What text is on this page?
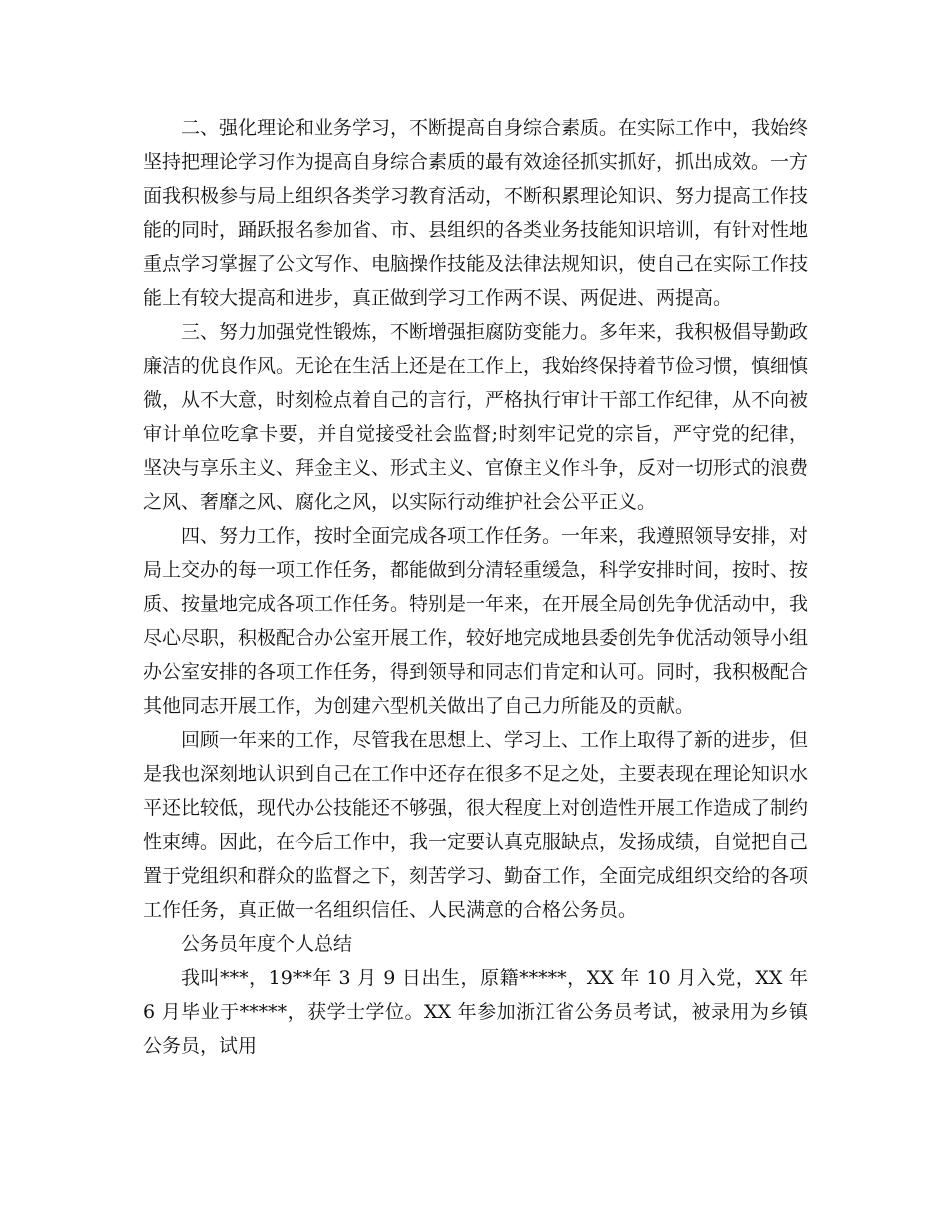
二、强化理论和业务学习，不断提高自身综合素质。在实际工作中，我始终坚持把理论学习作为提高自身综合素质的最有效途径抓实抓好，抓出成效。一方面我积极参与局上组织各类学习教育活动，不断积累理论知识、努力提高工作技能的同时，踊跃报名参加省、市、县组织的各类业务技能知识培训，有针对性地重点学习掌握了公文写作、电脑操作技能及法律法规知识，使自己在实际工作技能上有较大提高和进步，真正做到学习工作两不误、两促进、两提高。

三、努力加强党性锻炼，不断增强拒腐防变能力。多年来，我积极倡导勤政廉洁的优良作风。无论在生活上还是在工作上，我始终保持着节俭习惯，慎细慎微，从不大意，时刻检点着自己的言行，严格执行审计干部工作纪律，从不向被审计单位吃拿卡要，并自觉接受社会监督;时刻牢记党的宗旨，严守党的纪律，坚决与享乐主义、拜金主义、形式主义、官僚主义作斗争，反对一切形式的浪费之风、奢靡之风、腐化之风，以实际行动维护社会公平正义。

四、努力工作，按时全面完成各项工作任务。一年来，我遵照领导安排，对局上交办的每一项工作任务，都能做到分清轻重缓急，科学安排时间，按时、按质、按量地完成各项工作任务。特别是一年来，在开展全局创先争优活动中，我尽心尽职，积极配合办公室开展工作，较好地完成地县委创先争优活动领导小组办公室安排的各项工作任务，得到领导和同志们肯定和认可。同时，我积极配合其他同志开展工作，为创建六型机关做出了自己力所能及的贡献。

回顾一年来的工作，尽管我在思想上、学习上、工作上取得了新的进步，但是我也深刻地认识到自己在工作中还存在很多不足之处，主要表现在理论知识水平还比较低，现代办公技能还不够强，很大程度上对创造性开展工作造成了制约性束缚。因此，在今后工作中，我一定要认真克服缺点，发扬成绩，自觉把自己置于党组织和群众的监督之下，刻苦学习、勤奋工作，全面完成组织交给的各项工作任务，真正做一名组织信任、人民满意的合格公务员。

公务员年度个人总结

我叫***，19**年 3 月 9 日出生，原籍*****，XX 年 10 月入党，XX 年 6 月毕业于*****，获学士学位。XX 年参加浙江省公务员考试，被录用为乡镇公务员，试用
